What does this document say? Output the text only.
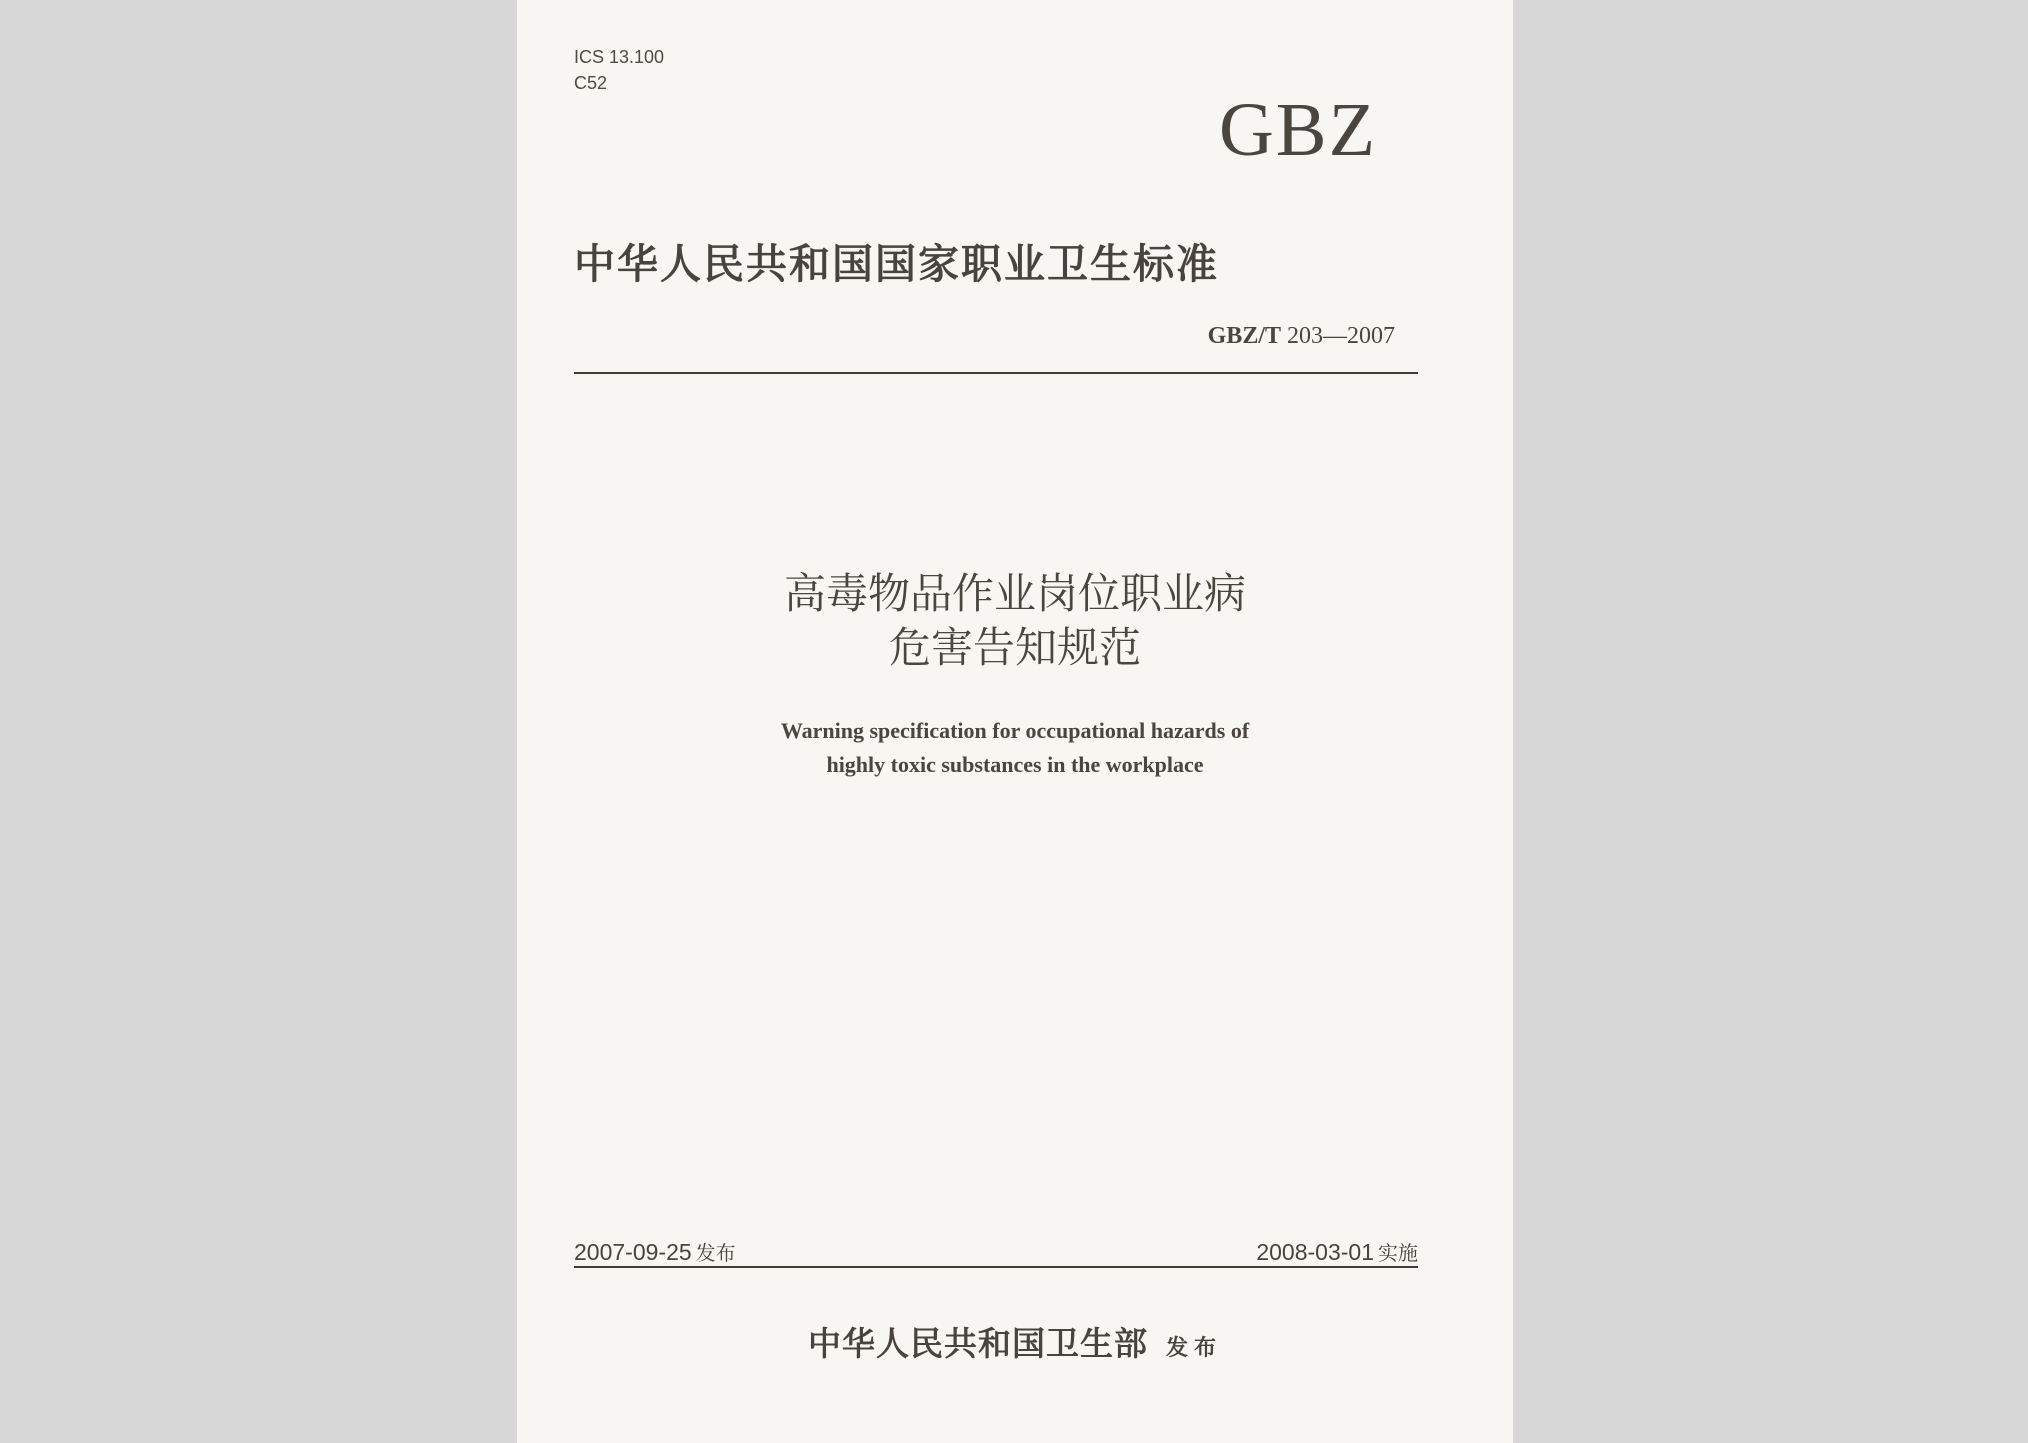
ICS 13.100
C52
GBZ
中华人民共和国国家职业卫生标准
GBZ/T 203—2007
高毒物品作业岗位职业病
危害告知规范
Warning specification for occupational hazards of
highly toxic substances in the workplace
2007-09-25 发布	2008-03-01 实施
中华人民共和国卫生部 发布
